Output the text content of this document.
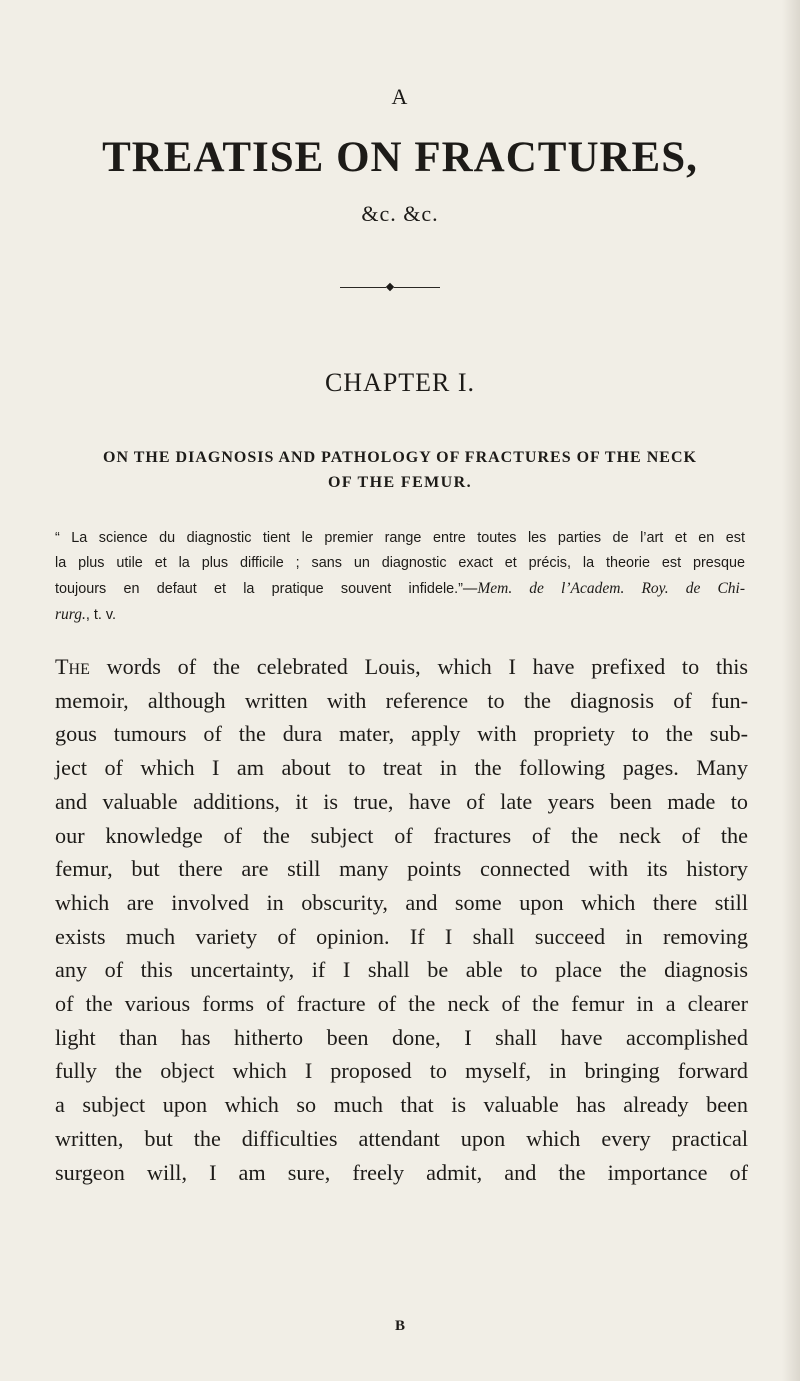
A
TREATISE ON FRACTURES,
&c. &c.
CHAPTER I.
ON THE DIAGNOSIS AND PATHOLOGY OF FRACTURES OF THE NECK
OF THE FEMUR.
“ La science du diagnostic tient le premier range entre toutes les parties de l’art et en est
la plus utile et la plus difficile ; sans un diagnostic exact et précis, la theorie est presque
toujours en defaut et la pratique souvent infidele.”—Mem. de l’Academ. Roy. de Chi-
rurg., t. v.
The words of the celebrated Louis, which I have prefixed to this
memoir, although written with reference to the diagnosis of fun-
gous tumours of the dura mater, apply with propriety to the sub-
ject of which I am about to treat in the following pages. Many
and valuable additions, it is true, have of late years been made to
our knowledge of the subject of fractures of the neck of the
femur, but there are still many points connected with its history
which are involved in obscurity, and some upon which there still
exists much variety of opinion. If I shall succeed in removing
any of this uncertainty, if I shall be able to place the diagnosis
of the various forms of fracture of the neck of the femur in a clearer
light than has hitherto been done, I shall have accomplished
fully the object which I proposed to myself, in bringing forward
a subject upon which so much that is valuable has already been
written, but the difficulties attendant upon which every practical
surgeon will, I am sure, freely admit, and the importance of
B
